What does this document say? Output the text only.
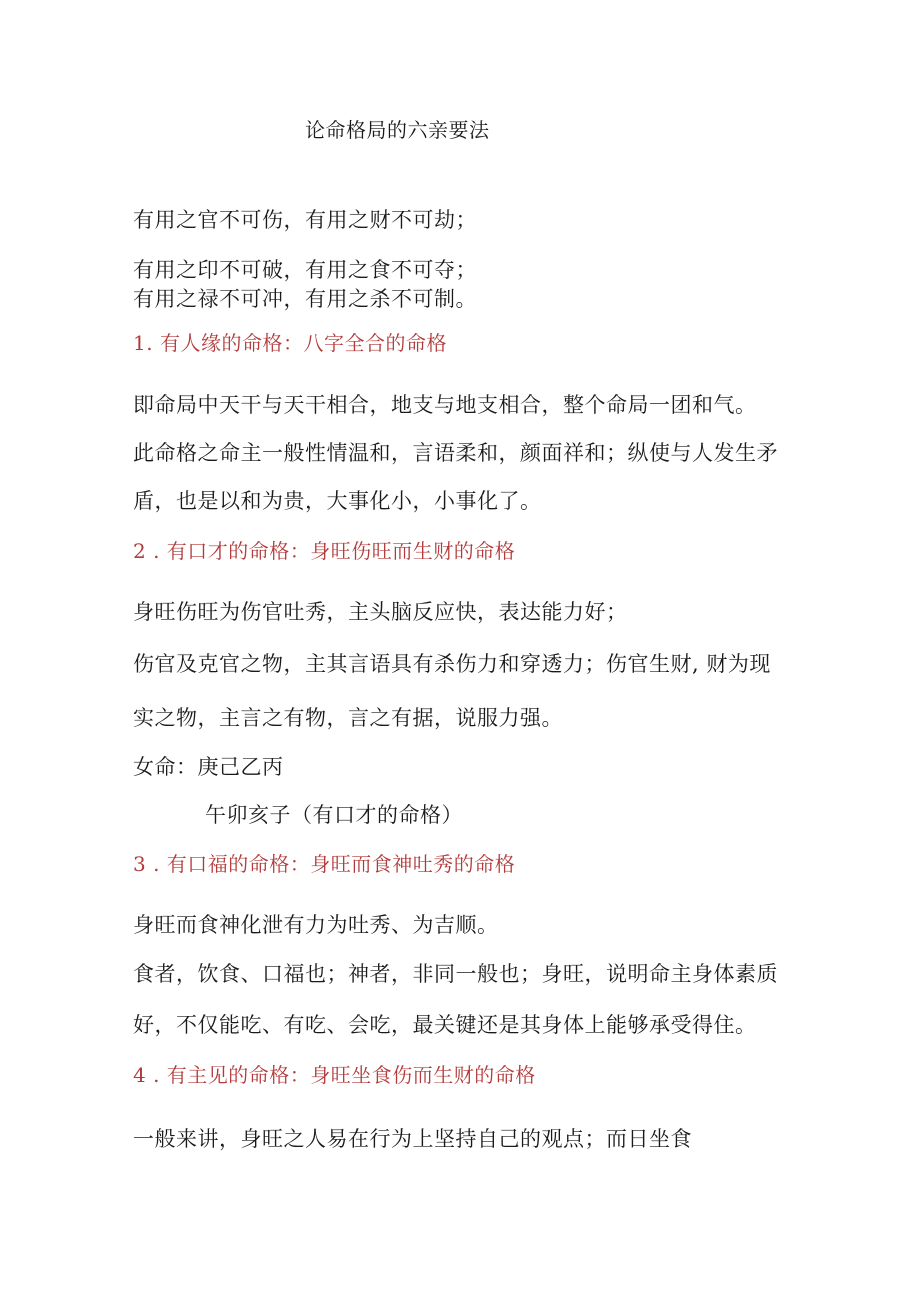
论命格局的六亲要法
有用之官不可伤，有用之财不可劫；
有用之印不可破，有用之食不可夺；
有用之禄不可冲，有用之杀不可制。
1. 有人缘的命格：八字全合的命格
即命局中天干与天干相合，地支与地支相合，整个命局一团和气。
此命格之命主一般性情温和，言语柔和，颜面祥和；纵使与人发生矛
盾，也是以和为贵，大事化小，小事化了。
2 . 有口才的命格：身旺伤旺而生财的命格
身旺伤旺为伤官吐秀，主头脑反应快，表达能力好；
伤官及克官之物，主其言语具有杀伤力和穿透力；伤官生财, 财为现
实之物，主言之有物，言之有据，说服力强。
女命：庚己乙丙
午卯亥子（有口才的命格）
3 . 有口福的命格：身旺而食神吐秀的命格
身旺而食神化泄有力为吐秀、为吉顺。
食者，饮食、口福也；神者，非同一般也；身旺，说明命主身体素质
好，不仅能吃、有吃、会吃，最关键还是其身体上能够承受得住。
4 . 有主见的命格：身旺坐食伤而生财的命格
一般来讲，身旺之人易在行为上坚持自己的观点；而日坐食
